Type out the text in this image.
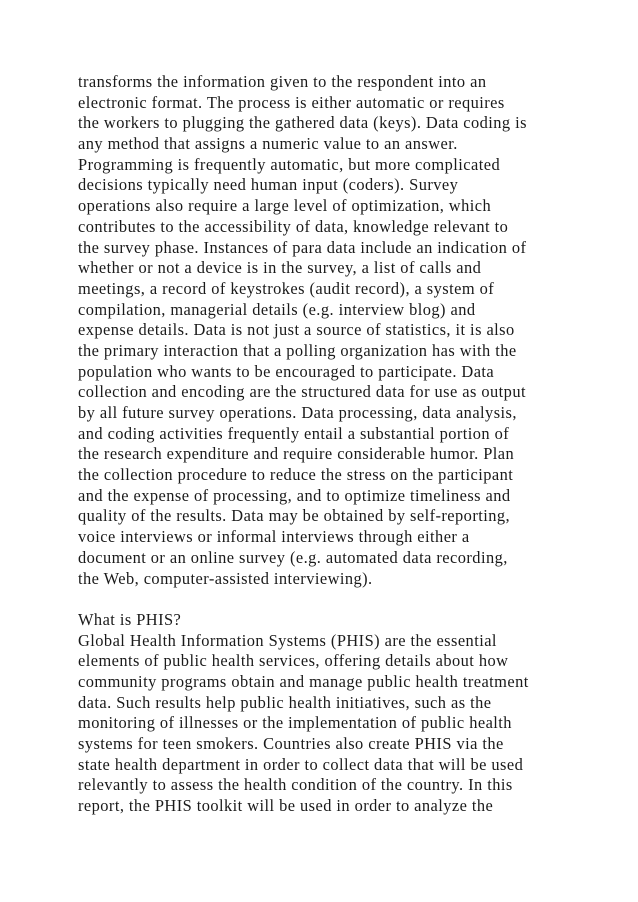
transforms the information given to the respondent into an
electronic format. The process is either automatic or requires
the workers to plugging the gathered data (keys). Data coding is
any method that assigns a numeric value to an answer.
Programming is frequently automatic, but more complicated
decisions typically need human input (coders). Survey
operations also require a large level of optimization, which
contributes to the accessibility of data, knowledge relevant to
the survey phase. Instances of para data include an indication of
whether or not a device is in the survey, a list of calls and
meetings, a record of keystrokes (audit record), a system of
compilation, managerial details (e.g. interview blog) and
expense details. Data is not just a source of statistics, it is also
the primary interaction that a polling organization has with the
population who wants to be encouraged to participate. Data
collection and encoding are the structured data for use as output
by all future survey operations. Data processing, data analysis,
and coding activities frequently entail a substantial portion of
the research expenditure and require considerable humor. Plan
the collection procedure to reduce the stress on the participant
and the expense of processing, and to optimize timeliness and
quality of the results. Data may be obtained by self-reporting,
voice interviews or informal interviews through either a
document or an online survey (e.g. automated data recording,
the Web, computer-assisted interviewing).
What is PHIS?
Global Health Information Systems (PHIS) are the essential
elements of public health services, offering details about how
community programs obtain and manage public health treatment
data. Such results help public health initiatives, such as the
monitoring of illnesses or the implementation of public health
systems for teen smokers. Countries also create PHIS via the
state health department in order to collect data that will be used
relevantly to assess the health condition of the country. In this
report, the PHIS toolkit will be used in order to analyze the
